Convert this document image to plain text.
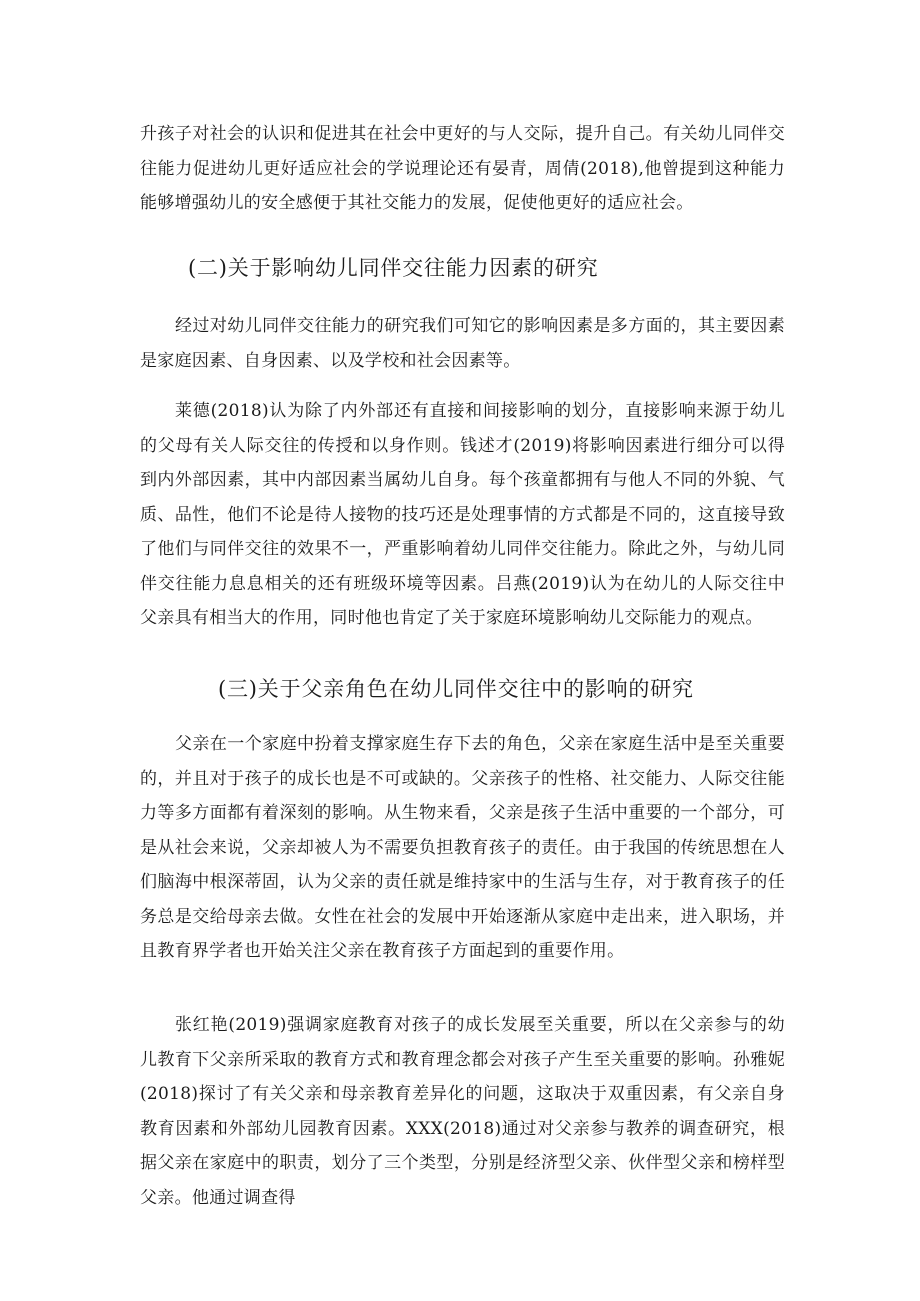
升孩子对社会的认识和促进其在社会中更好的与人交际，提升自己。有关幼儿同伴交往能力促进幼儿更好适应社会的学说理论还有晏青，周倩(2018),他曾提到这种能力能够增强幼儿的安全感便于其社交能力的发展，促使他更好的适应社会。

(二)关于影响幼儿同伴交往能力因素的研究

经过对幼儿同伴交往能力的研究我们可知它的影响因素是多方面的，其主要因素是家庭因素、自身因素、以及学校和社会因素等。

莱德(2018)认为除了内外部还有直接和间接影响的划分，直接影响来源于幼儿的父母有关人际交往的传授和以身作则。钱述才(2019)将影响因素进行细分可以得到内外部因素，其中内部因素当属幼儿自身。每个孩童都拥有与他人不同的外貌、气质、品性，他们不论是待人接物的技巧还是处理事情的方式都是不同的，这直接导致了他们与同伴交往的效果不一，严重影响着幼儿同伴交往能力。除此之外，与幼儿同伴交往能力息息相关的还有班级环境等因素。吕燕(2019)认为在幼儿的人际交往中父亲具有相当大的作用，同时他也肯定了关于家庭环境影响幼儿交际能力的观点。

(三)关于父亲角色在幼儿同伴交往中的影响的研究

父亲在一个家庭中扮着支撑家庭生存下去的角色，父亲在家庭生活中是至关重要的，并且对于孩子的成长也是不可或缺的。父亲孩子的性格、社交能力、人际交往能力等多方面都有着深刻的影响。从生物来看，父亲是孩子生活中重要的一个部分，可是从社会来说，父亲却被人为不需要负担教育孩子的责任。由于我国的传统思想在人们脑海中根深蒂固，认为父亲的责任就是维持家中的生活与生存，对于教育孩子的任务总是交给母亲去做。女性在社会的发展中开始逐渐从家庭中走出来，进入职场，并且教育界学者也开始关注父亲在教育孩子方面起到的重要作用。

张红艳(2019)强调家庭教育对孩子的成长发展至关重要，所以在父亲参与的幼儿教育下父亲所采取的教育方式和教育理念都会对孩子产生至关重要的影响。孙雅妮(2018)探讨了有关父亲和母亲教育差异化的问题，这取决于双重因素，有父亲自身教育因素和外部幼儿园教育因素。XXX(2018)通过对父亲参与教养的调查研究，根据父亲在家庭中的职责，划分了三个类型，分别是经济型父亲、伙伴型父亲和榜样型父亲。他通过调查得
